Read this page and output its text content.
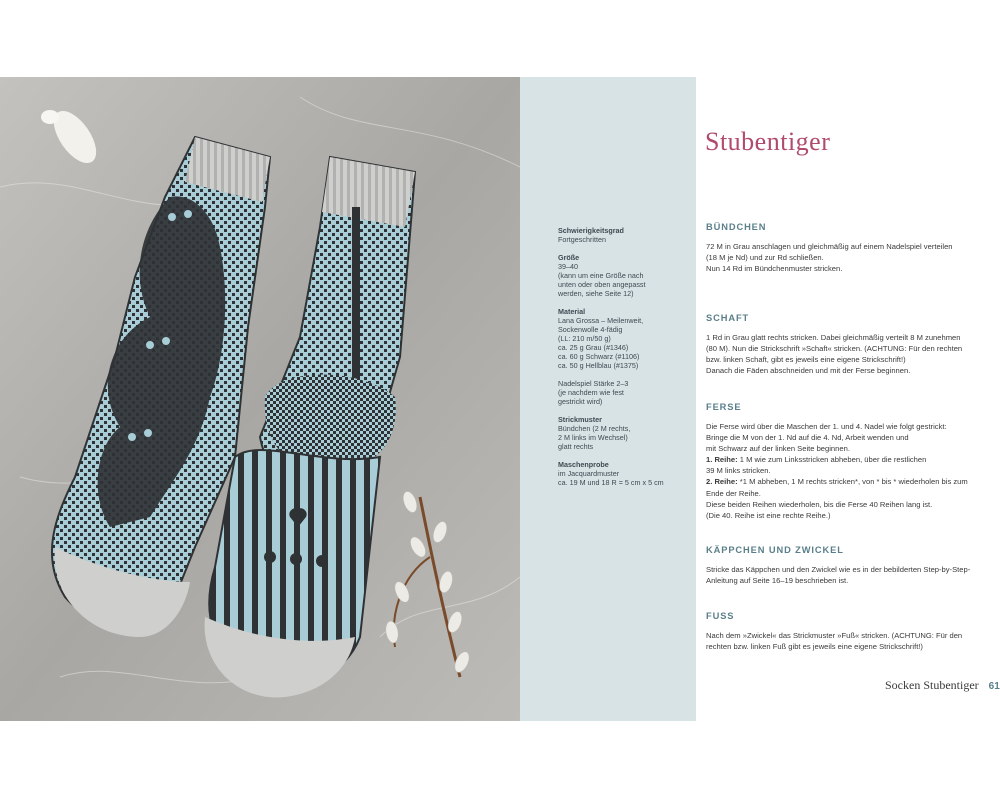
Schwierigkeitsgrad
Fortgeschritten
Größe
39–40
(kann um eine Größe nach
unten oder oben angepasst
werden, siehe Seite 12)
Material
Lana Grossa – Meilenweit,
Sockenwolle 4-fädig
(LL: 210 m/50 g)
ca. 25 g Grau (#1346)
ca. 60 g Schwarz (#1106)
ca. 50 g Hellblau (#1375)
Nadelspiel Stärke 2–3
(je nachdem wie fest
gestrickt wird)
Strickmuster
Bündchen (2 M rechts,
2 M links im Wechsel)
glatt rechts
Maschenprobe
im Jacquardmuster
ca. 19 M und 18 R = 5 cm x 5 cm
Stubentiger
BÜNDCHEN

72 M in Grau anschlagen und gleichmäßig auf einem Nadelspiel verteilen
(18 M je Nd) und zur Rd schließen.
Nun 14 Rd im Bündchenmuster stricken.

SCHAFT

1 Rd in Grau glatt rechts stricken. Dabei gleichmäßig verteilt 8 M zunehmen
(80 M). Nun die Strickschrift »Schaft« stricken. (ACHTUNG: Für den rechten
bzw. linken Schaft, gibt es jeweils eine eigene Strickschrift!)
Danach die Fäden abschneiden und mit der Ferse beginnen.

FERSE

Die Ferse wird über die Maschen der 1. und 4. Nadel wie folgt gestrickt:
Bringe die M von der 1. Nd auf die 4. Nd, Arbeit wenden und
mit Schwarz auf der linken Seite beginnen.
1. Reihe: 1 M wie zum Linksstricken abheben, über die restlichen
39 M links stricken.
2. Reihe: *1 M abheben, 1 M rechts stricken*, von * bis * wiederholen bis zum
Ende der Reihe.
Diese beiden Reihen wiederholen, bis die Ferse 40 Reihen lang ist.
(Die 40. Reihe ist eine rechte Reihe.)

KÄPPCHEN UND ZWICKEL

Stricke das Käppchen und den Zwickel wie es in der bebilderten Step-by-Step-
Anleitung auf Seite 16–19 beschrieben ist.

FUSS

Nach dem »Zwickel« das Strickmuster »Fuß« stricken. (ACHTUNG: Für den
rechten bzw. linken Fuß gibt es jeweils eine eigene Strickschrift!)

Socken Stubentiger 61
